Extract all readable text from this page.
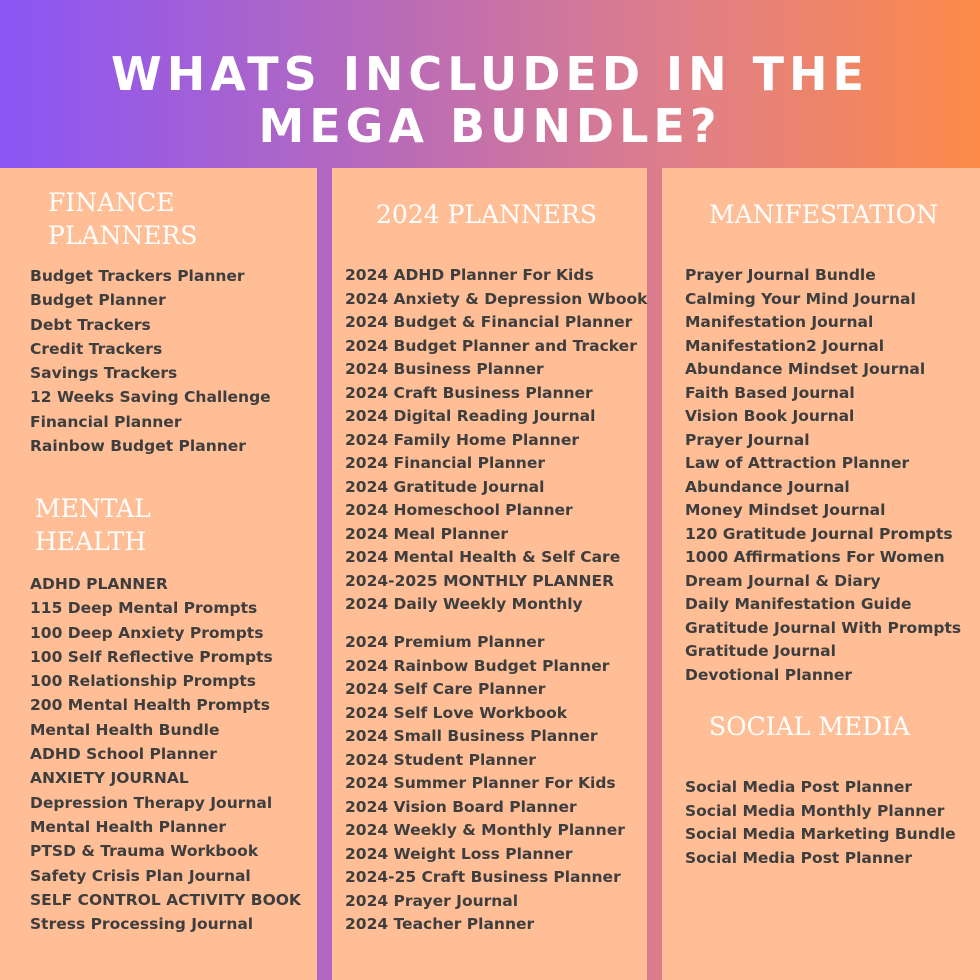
WHATS INCLUDED IN THE
MEGA BUNDLE?
FINANCE
PLANNERS
Budget Trackers Planner
Budget Planner
Debt Trackers
Credit Trackers
Savings Trackers
12 Weeks Saving Challenge
Financial Planner
Rainbow Budget Planner
MENTAL
HEALTH
ADHD PLANNER
115 Deep Mental Prompts
100 Deep Anxiety Prompts
100 Self Reflective Prompts
100 Relationship Prompts
200 Mental Health Prompts
Mental Health Bundle
ADHD School Planner
ANXIETY JOURNAL
Depression Therapy Journal
Mental Health Planner
PTSD & Trauma Workbook
Safety Crisis Plan Journal
SELF CONTROL ACTIVITY BOOK
Stress Processing Journal
2024 PLANNERS
2024 ADHD Planner For Kids
2024 Anxiety & Depression Wbook
2024 Budget & Financial Planner
2024 Budget Planner and Tracker
2024 Business Planner
2024 Craft Business Planner
2024 Digital Reading Journal
2024 Family Home Planner
2024 Financial Planner
2024 Gratitude Journal
2024 Homeschool Planner
2024 Meal Planner
2024 Mental Health & Self Care
2024-2025 MONTHLY PLANNER
2024 Daily Weekly Monthly
2024 Premium Planner
2024 Rainbow Budget Planner
2024 Self Care Planner
2024 Self Love Workbook
2024 Small Business Planner
2024 Student Planner
2024 Summer Planner For Kids
2024 Vision Board Planner
2024 Weekly & Monthly Planner
2024 Weight Loss Planner
2024-25 Craft Business Planner
2024 Prayer Journal
2024 Teacher Planner
MANIFESTATION
Prayer Journal Bundle
Calming Your Mind Journal
Manifestation Journal
Manifestation2 Journal
Abundance Mindset Journal
Faith Based Journal
Vision Book Journal
Prayer Journal
Law of Attraction Planner
Abundance Journal
Money Mindset Journal
120 Gratitude Journal Prompts
1000 Affirmations For Women
Dream Journal & Diary
Daily Manifestation Guide
Gratitude Journal With Prompts
Gratitude Journal
Devotional Planner
SOCIAL MEDIA
Social Media Post Planner
Social Media Monthly Planner
Social Media Marketing Bundle
Social Media Post Planner
